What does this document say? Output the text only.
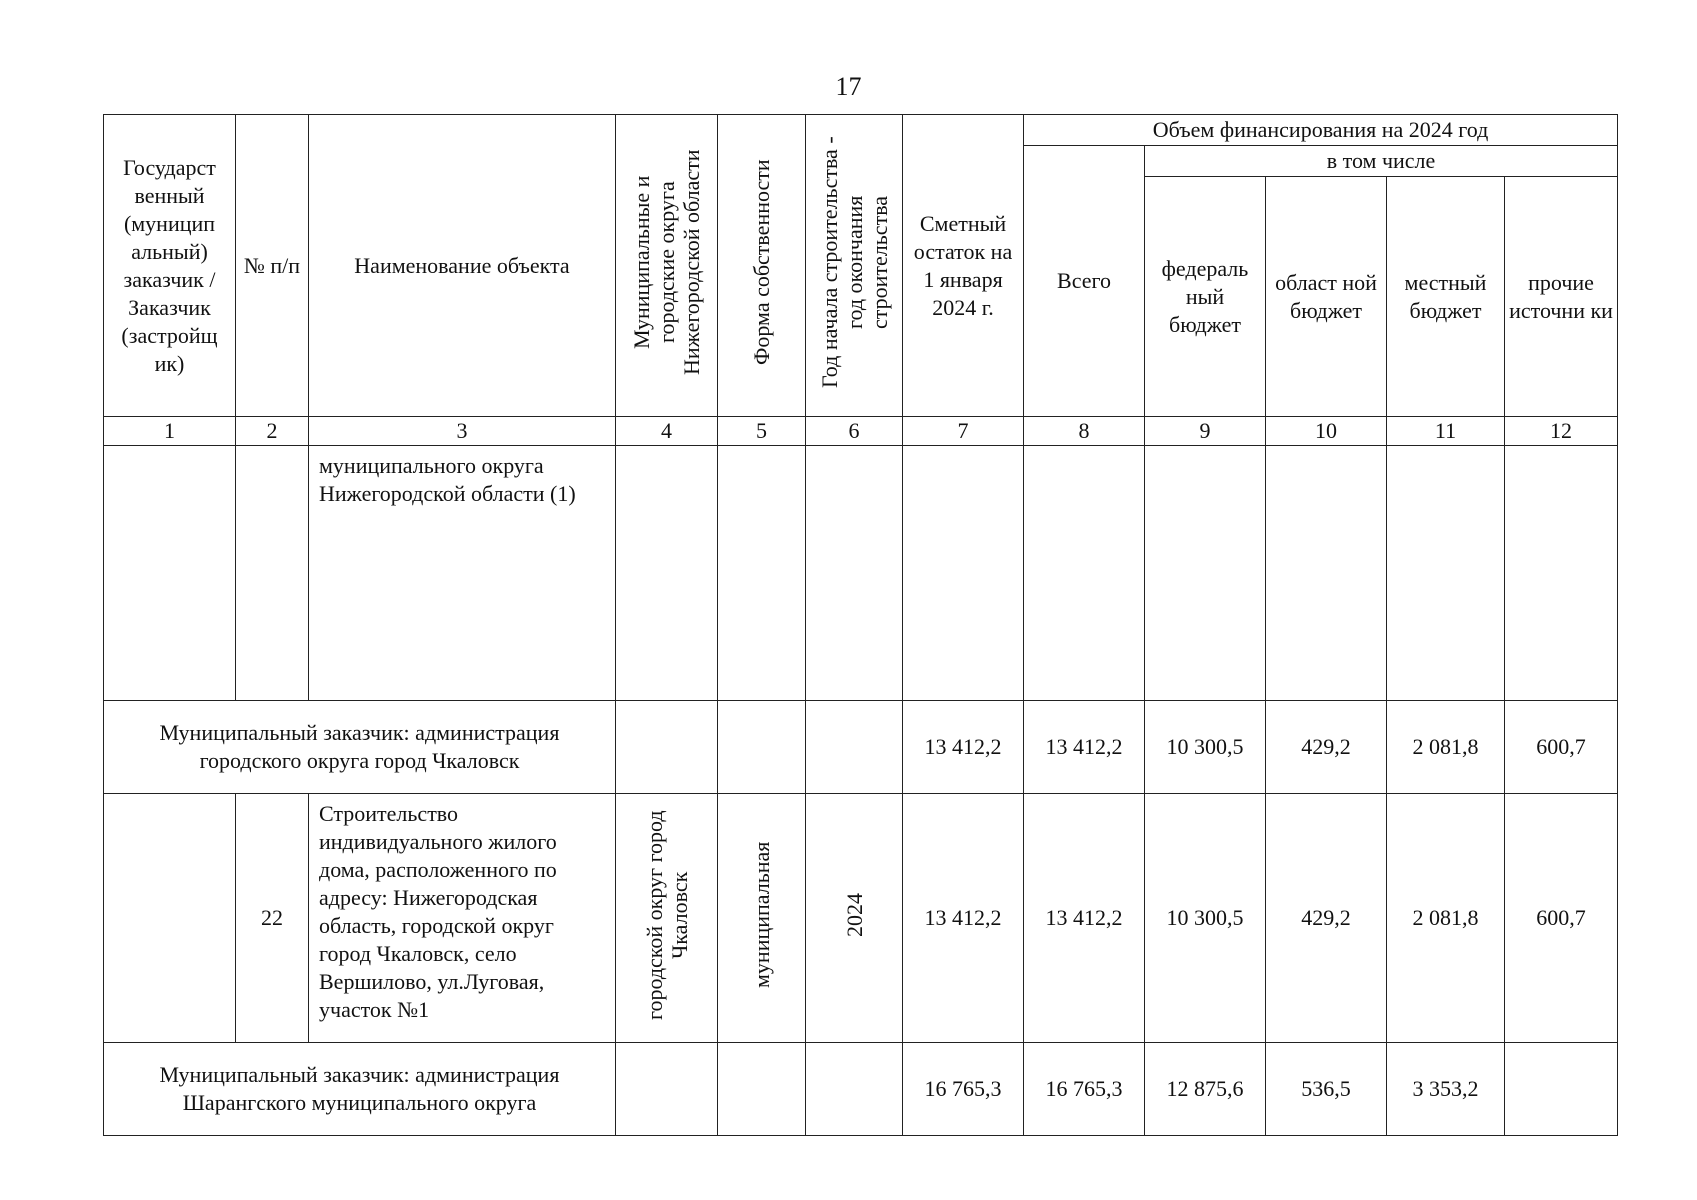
17
Государст венный (муницип альный) заказчик / Заказчик (застройщ ик)	№ п/п	Наименование объекта	Муниципальные и городские округа Нижегородской области	Форма собственности	Год начала строительства - год окончания строительства	Сметный остаток на 1 января 2024 г.	Объем финансирования на 2024 год				
							Всего	в том числе			
								федераль ный бюджет	област ной бюджет	местный бюджет	прочие источни ки
1	2	3	4	5	6	7	8	9	10	11	12
		муниципального округа Нижегородской области (1)									
Муниципальный заказчик: администрация городского округа город Чкаловск						13 412,2	13 412,2	10 300,5	429,2	2 081,8	600,7
	22	Строительство индивидуального жилого дома, расположенного по адресу: Нижегородская область, городской округ город Чкаловск, село Вершилово, ул.Луговая, участок №1	городской округ город Чкаловск	муниципальная	2024	13 412,2	13 412,2	10 300,5	429,2	2 081,8	600,7
Муниципальный заказчик: администрация Шарангского муниципального округа						16 765,3	16 765,3	12 875,6	536,5	3 353,2	
